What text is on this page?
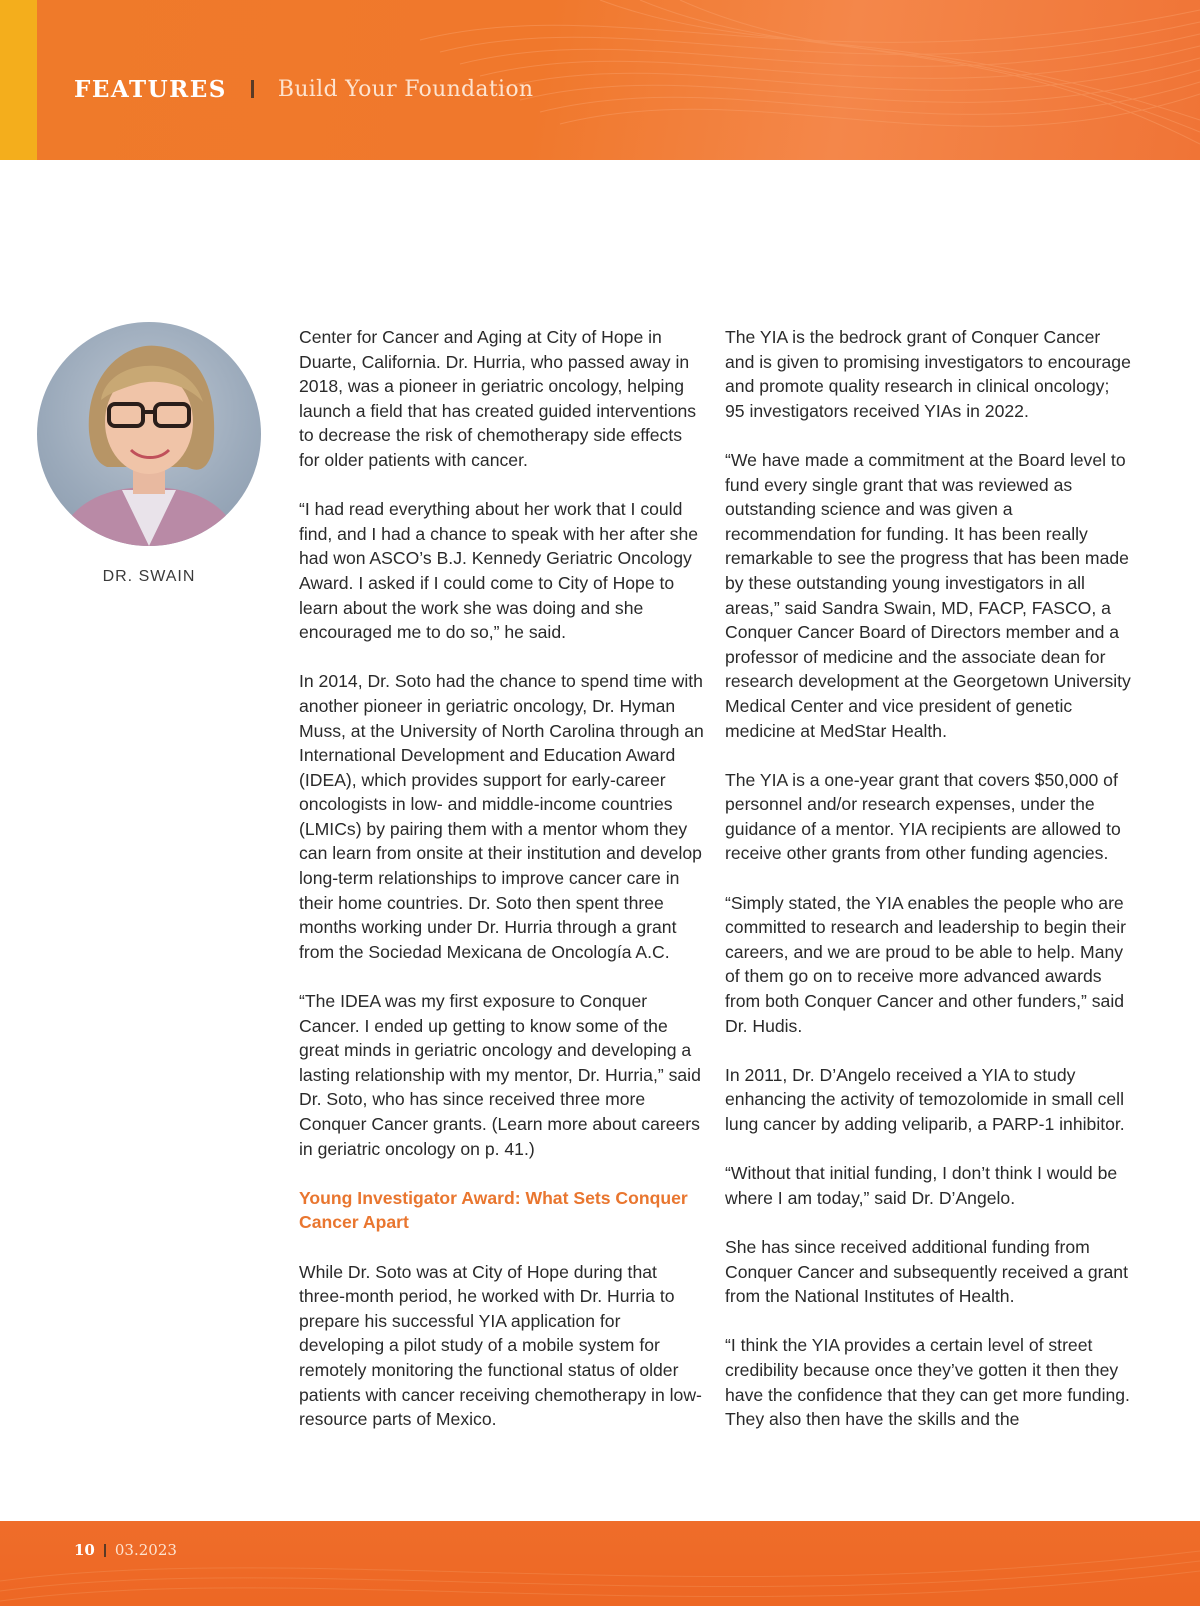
FEATURES Build Your Foundation
DR. SWAIN

Center for Cancer and Aging at City of Hope in Duarte, California. Dr. Hurria, who passed away in 2018, was a pioneer in geriatric oncology, helping launch a field that has created guided interventions to decrease the risk of chemotherapy side effects for older patients with cancer.

“I had read everything about her work that I could find, and I had a chance to speak with her after she had won ASCO’s B.J. Kennedy Geriatric Oncology Award. I asked if I could come to City of Hope to learn about the work she was doing and she encouraged me to do so,” he said.

In 2014, Dr. Soto had the chance to spend time with another pioneer in geriatric oncology, Dr. Hyman Muss, at the University of North Carolina through an International Development and Education Award (IDEA), which provides support for early-career oncologists in low- and middle-income countries (LMICs) by pairing them with a mentor whom they can learn from onsite at their institution and develop long-term relationships to improve cancer care in their home countries. Dr. Soto then spent three months working under Dr. Hurria through a grant from the Sociedad Mexicana de Oncología A.C.

“The IDEA was my first exposure to Conquer Cancer. I ended up getting to know some of the great minds in geriatric oncology and developing a lasting relationship with my mentor, Dr. Hurria,” said Dr. Soto, who has since received three more Conquer Cancer grants. (Learn more about careers in geriatric oncology on p. 41.)

Young Investigator Award: What Sets Conquer Cancer Apart

While Dr. Soto was at City of Hope during that three-month period, he worked with Dr. Hurria to prepare his successful YIA application for developing a pilot study of a mobile system for remotely monitoring the functional status of older patients with cancer receiving chemotherapy in low-resource parts of Mexico.

The YIA is the bedrock grant of Conquer Cancer and is given to promising investigators to encourage and promote quality research in clinical oncology; 95 investigators received YIAs in 2022.

“We have made a commitment at the Board level to fund every single grant that was reviewed as outstanding science and was given a recommendation for funding. It has been really remarkable to see the progress that has been made by these outstanding young investigators in all areas,” said Sandra Swain, MD, FACP, FASCO, a Conquer Cancer Board of Directors member and a professor of medicine and the associate dean for research development at the Georgetown University Medical Center and vice president of genetic medicine at MedStar Health.

The YIA is a one-year grant that covers $50,000 of personnel and/or research expenses, under the guidance of a mentor. YIA recipients are allowed to receive other grants from other funding agencies.

“Simply stated, the YIA enables the people who are committed to research and leadership to begin their careers, and we are proud to be able to help. Many of them go on to receive more advanced awards from both Conquer Cancer and other funders,” said Dr. Hudis.

In 2011, Dr. D’Angelo received a YIA to study enhancing the activity of temozolomide in small cell lung cancer by adding veliparib, a PARP-1 inhibitor.

“Without that initial funding, I don’t think I would be where I am today,” said Dr. D’Angelo.

She has since received additional funding from Conquer Cancer and subsequently received a grant from the National Institutes of Health.

“I think the YIA provides a certain level of street credibility because once they’ve gotten it then they have the confidence that they can get more funding. They also then have the skills and the

10 03.2023
